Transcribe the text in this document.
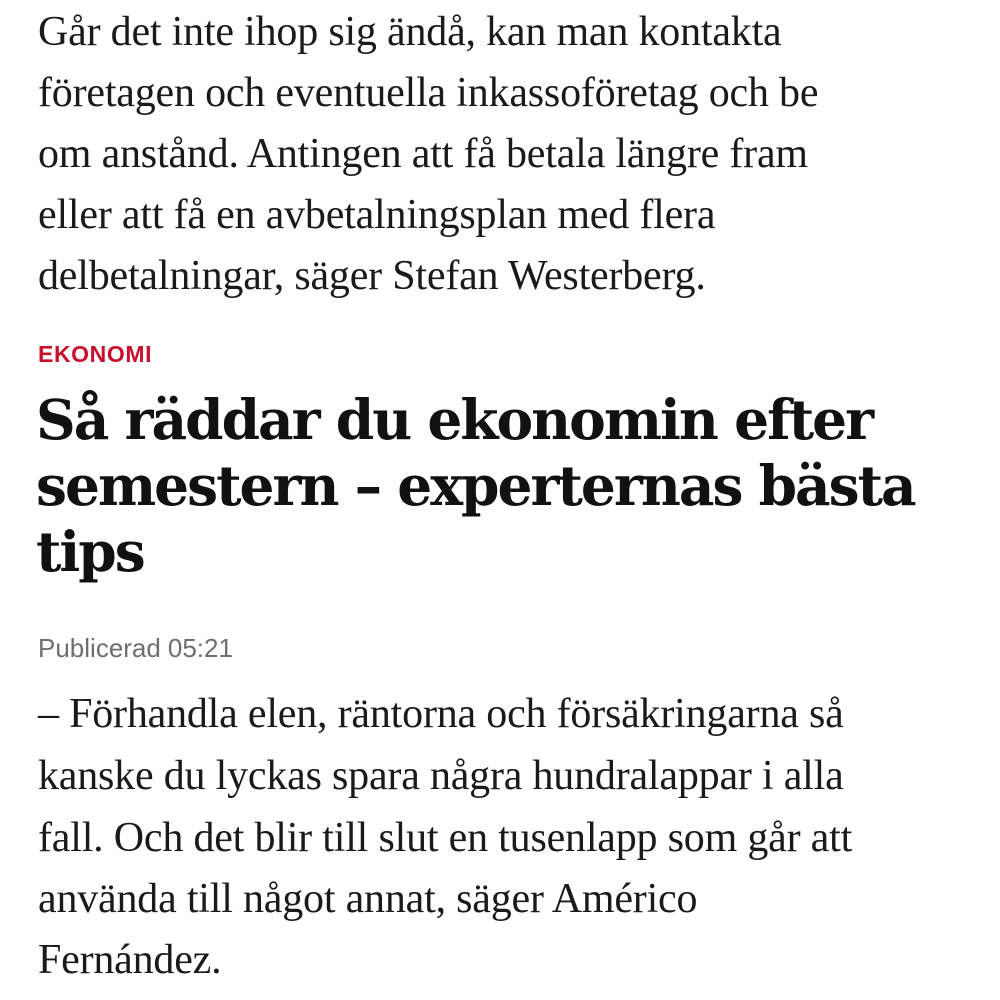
Går det inte ihop sig ändå, kan man kontakta

företagen och eventuella inkassoföretag och be

om anstånd. Antingen att få betala längre fram

eller att få en avbetalningsplan med flera

delbetalningar, säger Stefan Westerberg.

EKONOMI
Så räddar du ekonomin efter
semestern – experternas bästa
tips
Publicerad 05:21

– Förhandla elen, räntorna och försäkringarna så

kanske du lyckas spara några hundralappar i alla

fall. Och det blir till slut en tusenlapp som går att

använda till något annat, säger Américo

Fernández.
